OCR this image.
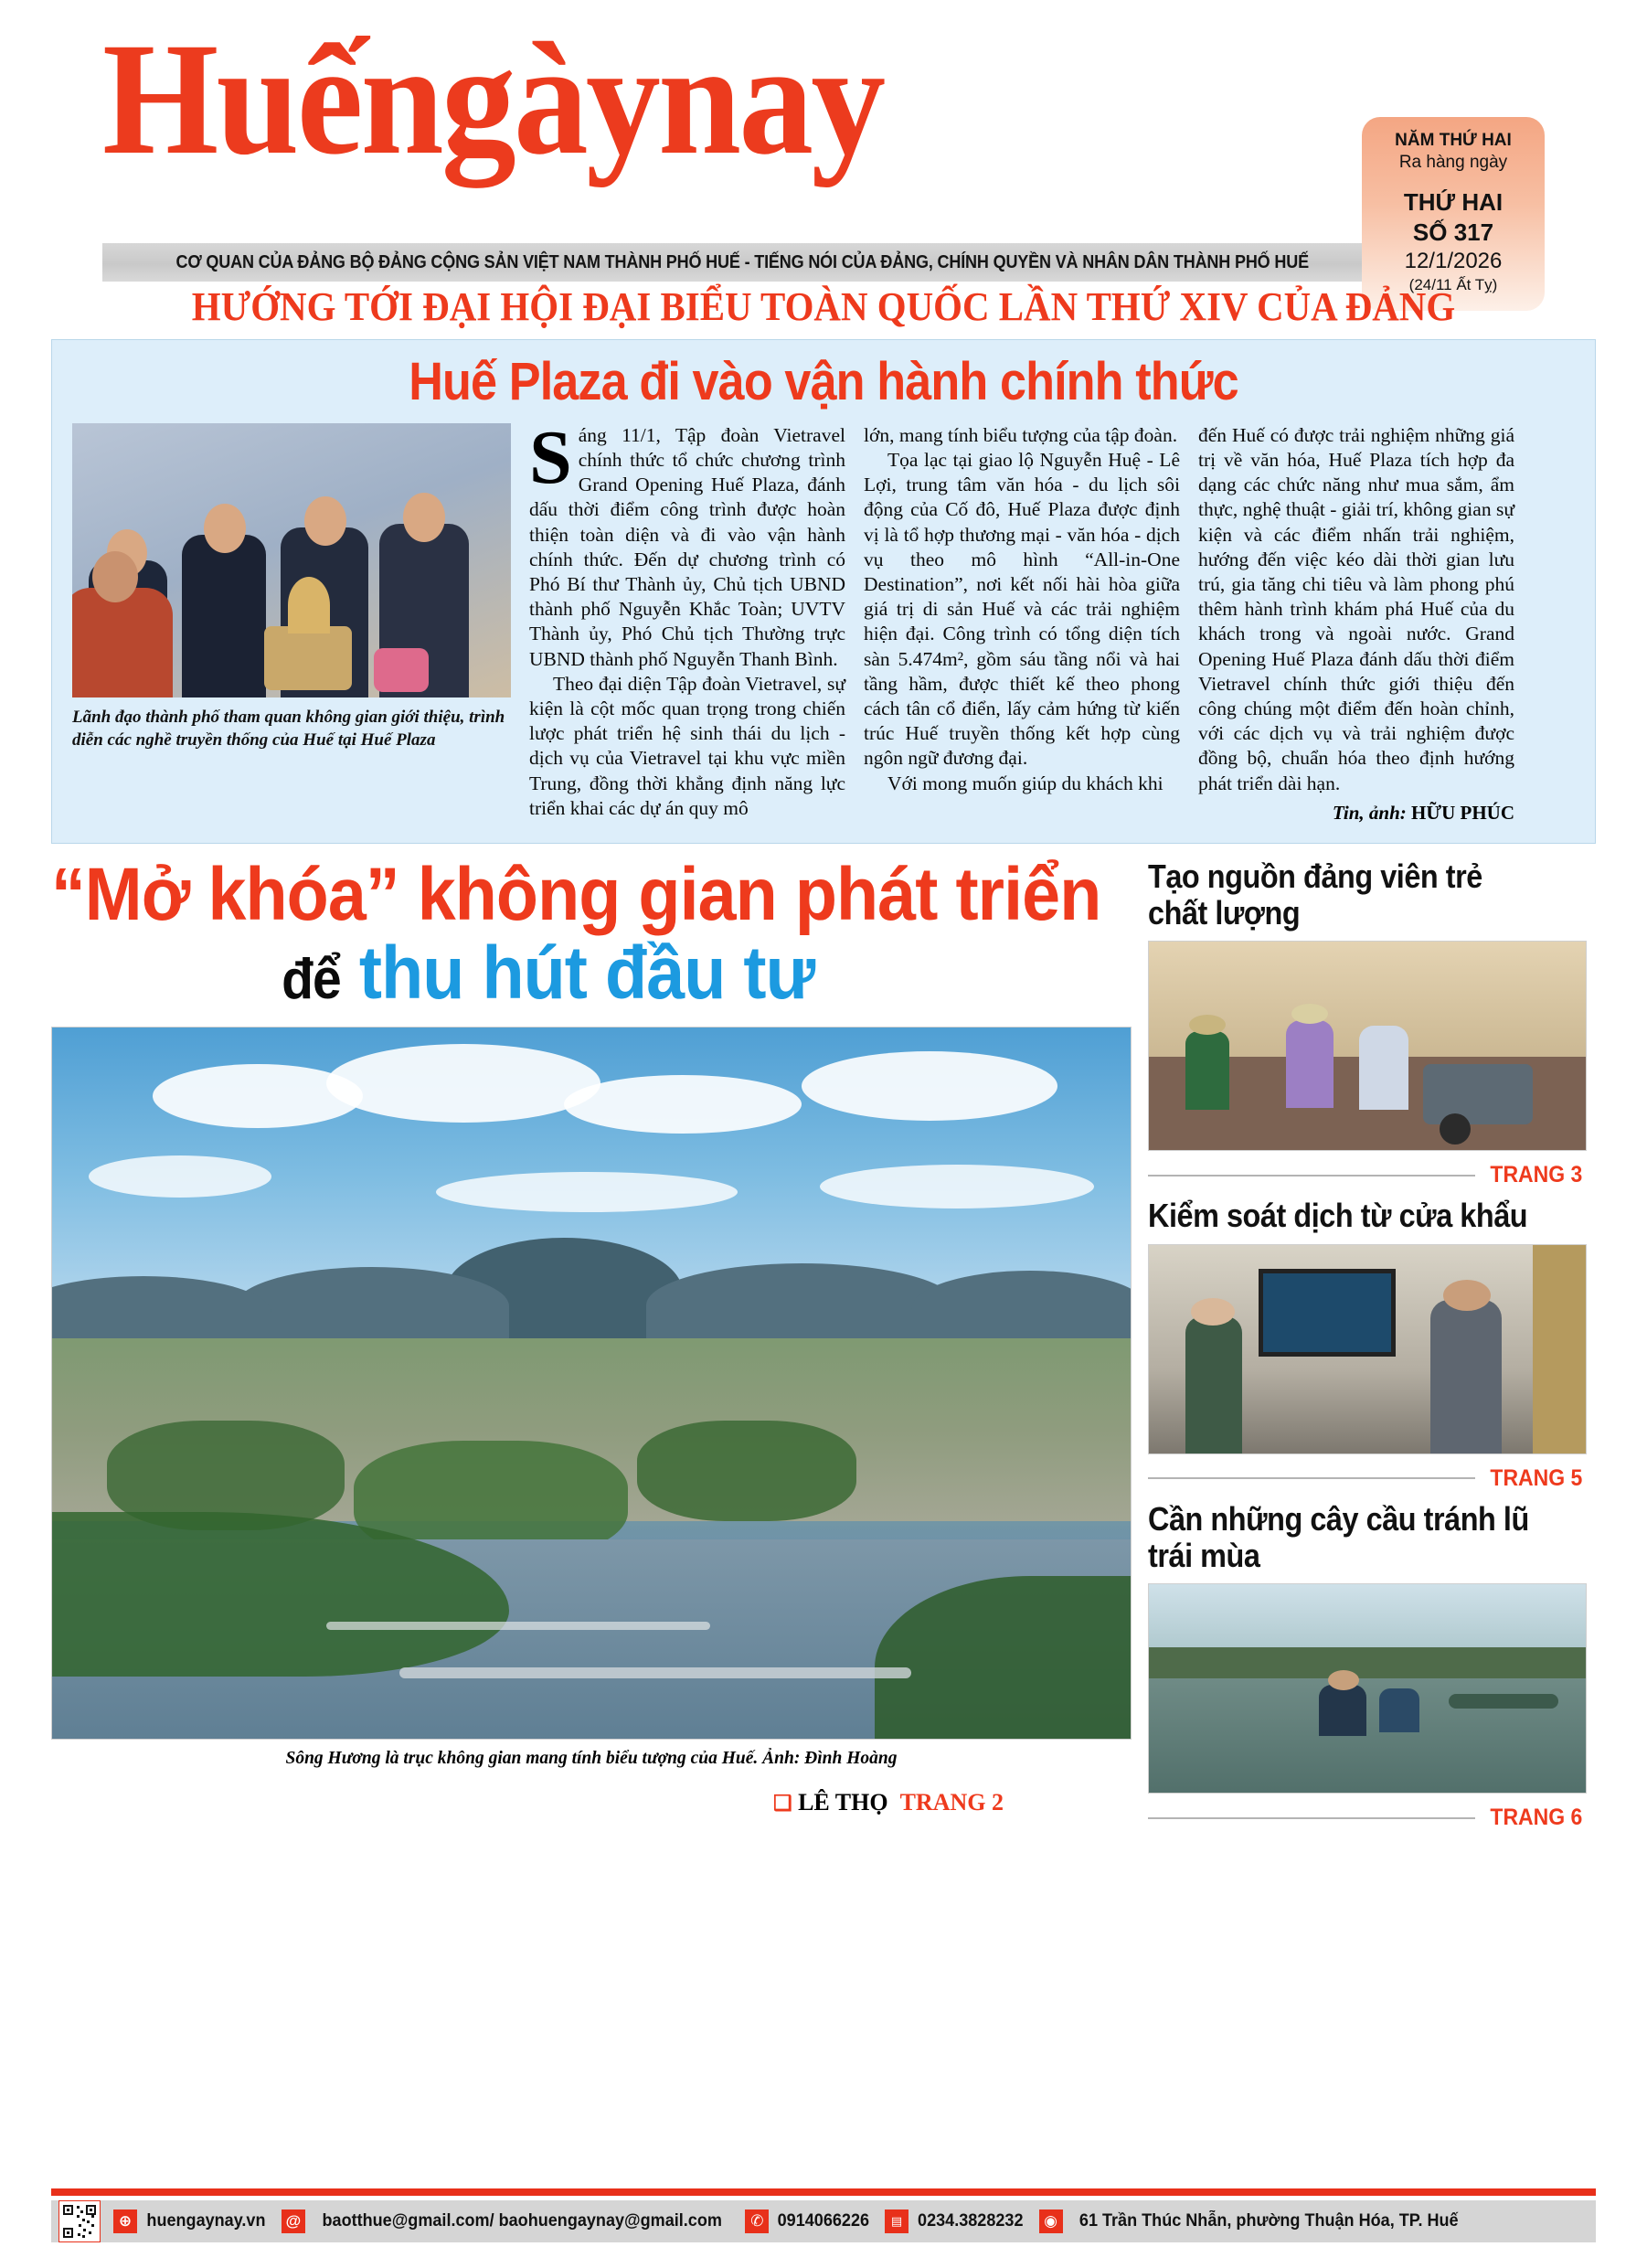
Huếngàynay
CƠ QUAN CỦA ĐẢNG BỘ ĐẢNG CỘNG SẢN VIỆT NAM THÀNH PHỐ HUẾ - TIẾNG NÓI CỦA ĐẢNG, CHÍNH QUYỀN VÀ NHÂN DÂN THÀNH PHỐ HUẾ
NĂM THỨ HAI
Ra hàng ngày
THỨ HAI
SỐ 317
12/1/2026
(24/11 Ất Tỵ)
HƯỚNG TỚI ĐẠI HỘI ĐẠI BIỂU TOÀN QUỐC LẦN THỨ XIV CỦA ĐẢNG
Huế Plaza đi vào vận hành chính thức
Lãnh đạo thành phố tham quan không gian giới thiệu, trình diễn các nghề truyền thống của Huế tại Huế Plaza

Sáng 11/1, Tập đoàn Vietravel chính thức tổ chức chương trình Grand Opening Huế Plaza, đánh dấu thời điểm công trình được hoàn thiện toàn diện và đi vào vận hành chính thức. Đến dự chương trình có Phó Bí thư Thành ủy, Chủ tịch UBND thành phố Nguyễn Khắc Toàn; UVTV Thành ủy, Phó Chủ tịch Thường trực UBND thành phố Nguyễn Thanh Bình.

Theo đại diện Tập đoàn Vietravel, sự kiện là cột mốc quan trọng trong chiến lược phát triển hệ sinh thái du lịch - dịch vụ của Vietravel tại khu vực miền Trung, đồng thời khẳng định năng lực triển khai các dự án quy mô

lớn, mang tính biểu tượng của tập đoàn.

Tọa lạc tại giao lộ Nguyễn Huệ - Lê Lợi, trung tâm văn hóa - du lịch sôi động của Cố đô, Huế Plaza được định vị là tổ hợp thương mại - văn hóa - dịch vụ theo mô hình “All-in-One Destination”, nơi kết nối hài hòa giữa giá trị di sản Huế và các trải nghiệm hiện đại. Công trình có tổng diện tích sàn 5.474m², gồm sáu tầng nổi và hai tầng hầm, được thiết kế theo phong cách tân cổ điển, lấy cảm hứng từ kiến trúc Huế truyền thống kết hợp cùng ngôn ngữ đương đại.

Với mong muốn giúp du khách khi

đến Huế có được trải nghiệm những giá trị về văn hóa, Huế Plaza tích hợp đa dạng các chức năng như mua sắm, ẩm thực, nghệ thuật - giải trí, không gian sự kiện và các điểm nhấn trải nghiệm, hướng đến việc kéo dài thời gian lưu trú, gia tăng chi tiêu và làm phong phú thêm hành trình khám phá Huế của du khách trong và ngoài nước. Grand Opening Huế Plaza đánh dấu thời điểm Vietravel chính thức giới thiệu đến công chúng một điểm đến hoàn chỉnh, với các dịch vụ và trải nghiệm được đồng bộ, chuẩn hóa theo định hướng phát triển dài hạn.

Tin, ảnh: HỮU PHÚC
“Mở khóa” không gian phát triển
để thu hút đầu tư
Sông Hương là trục không gian mang tính biểu tượng của Huế. Ảnh: Đình Hoàng
❑ LÊ THỌ TRANG 2
Tạo nguồn đảng viên trẻ chất lượng
TRANG 3
Kiểm soát dịch từ cửa khẩu
TRANG 5
Cần những cây cầu tránh lũ trái mùa
TRANG 6
⊕ huengaynay.vn @ baotthue@gmail.com/ baohuengaynay@gmail.com	✆ 0914066226	▤ 0234.3828232	◉ 61 Trần Thúc Nhẫn, phường Thuận Hóa, TP. Huế
